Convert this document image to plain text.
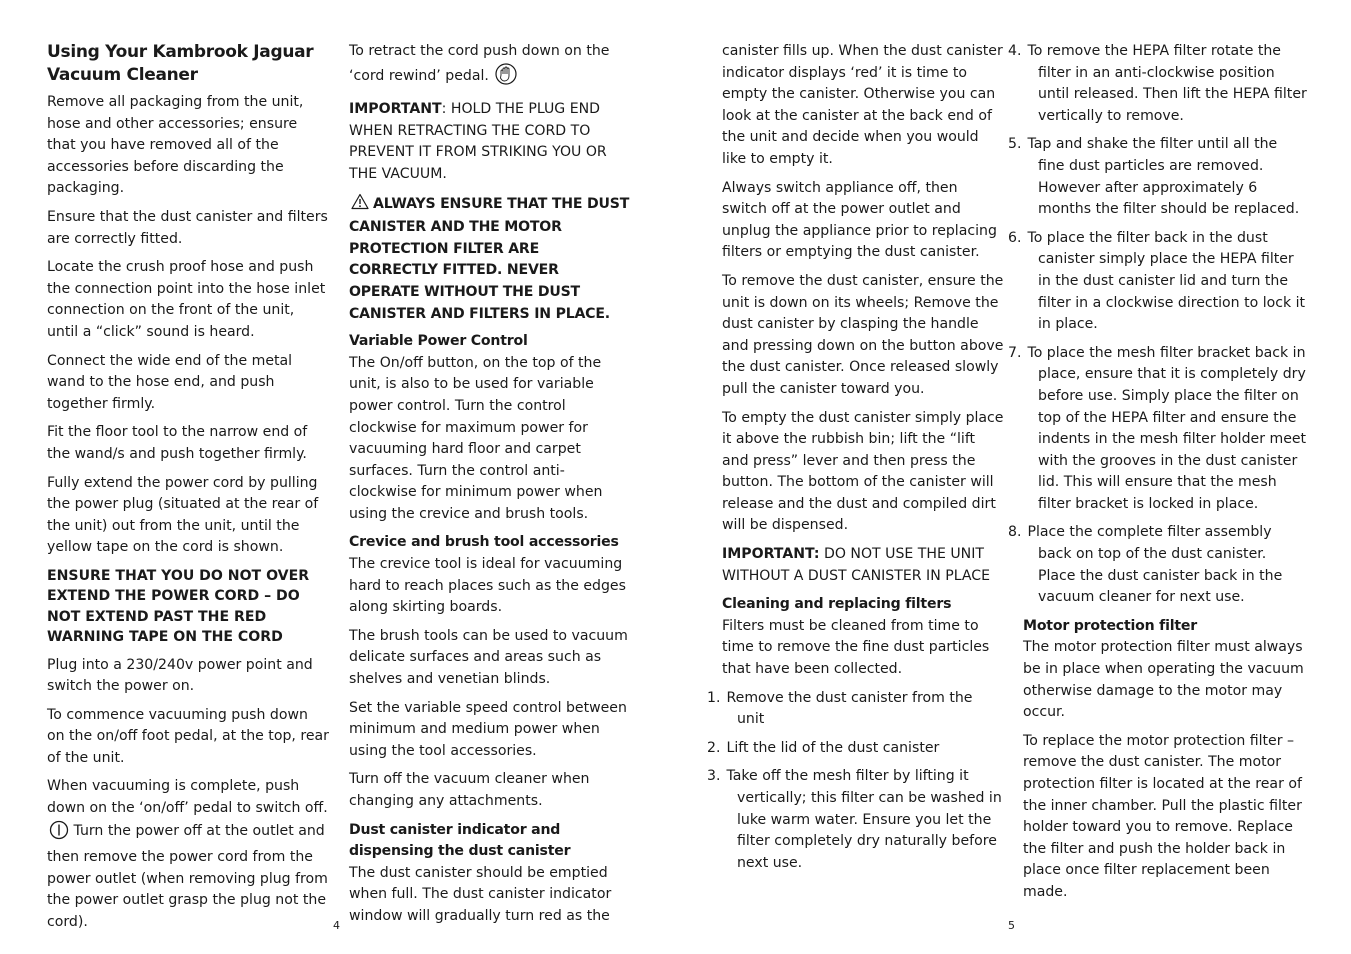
Using Your Kambrook Jaguar Vacuum Cleaner

Remove all packaging from the unit, hose and other accessories; ensure that you have removed all of the accessories before discarding the packaging.

Ensure that the dust canister and filters are correctly fitted.

Locate the crush proof hose and push the connection point into the hose inlet connection on the front of the unit, until a “click” sound is heard.

Connect the wide end of the metal wand to the hose end, and push together firmly.

Fit the floor tool to the narrow end of the wand/s and push together firmly.

Fully extend the power cord by pulling the power plug (situated at the rear of the unit) out from the unit, until the yellow tape on the cord is shown.

ENSURE THAT YOU DO NOT OVER EXTEND THE POWER CORD – DO NOT EXTEND PAST THE RED WARNING TAPE ON THE CORD

Plug into a 230/240v power point and switch the power on.

To commence vacuuming push down on the on/off foot pedal, at the top, rear of the unit.

When vacuuming is complete, push down on the ‘on/off’ pedal to switch off.  Turn the power off at the outlet and then remove the power cord from the power outlet (when removing plug from the power outlet grasp the plug not the cord).

To retract the cord push down on the ‘cord rewind’ pedal.

IMPORTANT: HOLD THE PLUG END WHEN RETRACTING THE CORD TO PREVENT IT FROM STRIKING YOU OR THE VACUUM.

ALWAYS ENSURE THAT THE DUST CANISTER AND THE MOTOR PROTECTION FILTER ARE CORRECTLY FITTED. NEVER OPERATE WITHOUT THE DUST CANISTER AND FILTERS IN PLACE.
Variable Power Control

The On/off button, on the top of the unit, is also to be used for variable power control. Turn the control clockwise for maximum power for vacuuming hard floor and carpet surfaces. Turn the control anti-clockwise for minimum power when using the crevice and brush tools.

Crevice and brush tool accessories

The crevice tool is ideal for vacuuming hard to reach places such as the edges along skirting boards.

The brush tools can be used to vacuum delicate surfaces and areas such as shelves and venetian blinds.

Set the variable speed control between minimum and medium power when using the tool accessories.

Turn off the vacuum cleaner when changing any attachments.

Dust canister indicator and dispensing the dust canister

The dust canister should be emptied when full. The dust canister indicator window will gradually turn red as the

canister fills up. When the dust canister indicator displays ‘red’ it is time to empty the canister. Otherwise you can look at the canister at the back end of the unit and decide when you would like to empty it.

Always switch appliance off, then switch off at the power outlet and unplug the appliance prior to replacing filters or emptying the dust canister.

To remove the dust canister, ensure the unit is down on its wheels; Remove the dust canister by clasping the handle and pressing down on the button above the dust canister. Once released slowly pull the canister toward you.

To empty the dust canister simply place it above the rubbish bin; lift the “lift and press” lever and then press the button. The bottom of the canister will release and the dust and compiled dirt will be dispensed.

IMPORTANT: DO NOT USE THE UNIT WITHOUT A DUST CANISTER IN PLACE

Cleaning and replacing filters

Filters must be cleaned from time to time to remove the fine dust particles that have been collected.

1. Remove the dust canister from the unit

2. Lift the lid of the dust canister

3. Take off the mesh filter by lifting it vertically; this filter can be washed in luke warm water. Ensure you let the filter completely dry naturally before next use.

4. To remove the HEPA filter rotate the filter in an anti-clockwise position until released. Then lift the HEPA filter vertically to remove.

5. Tap and shake the filter until all the fine dust particles are removed. However after approximately 6 months the filter should be replaced.

6. To place the filter back in the dust canister simply place the HEPA filter in the dust canister lid and turn the filter in a clockwise direction to lock it in place.

7. To place the mesh filter bracket back in place, ensure that it is completely dry before use. Simply place the filter on top of the HEPA filter and ensure the indents in the mesh filter holder meet with the grooves in the dust canister lid. This will ensure that the mesh filter bracket is locked in place.

8. Place the complete filter assembly back on top of the dust canister. Place the dust canister back in the vacuum cleaner for next use.

Motor protection filter

The motor protection filter must always be in place when operating the vacuum otherwise damage to the motor may occur.

To replace the motor protection filter – remove the dust canister. The motor protection filter is located at the rear of the inner chamber. Pull the plastic filter holder toward you to remove. Replace the filter and push the holder back in place once filter replacement been made.

4	5
